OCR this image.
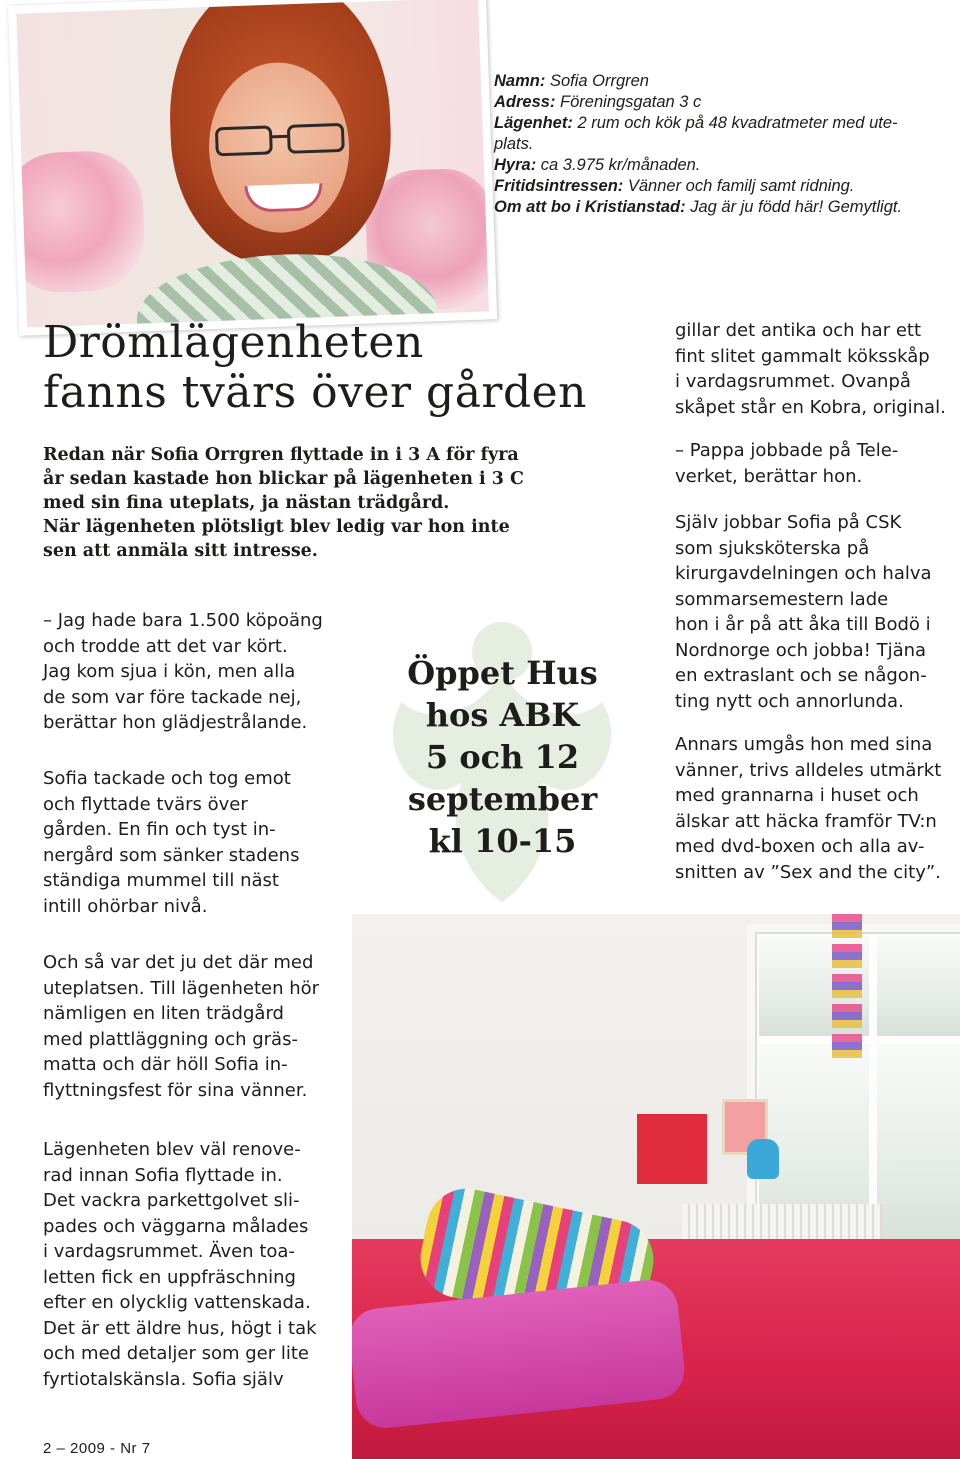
Namn: Sofia Orrgren
Adress: Föreningsgatan 3 c
Lägenhet: 2 rum och kök på 48 kvadratmeter med ute-
plats.
Hyra: ca 3.975 kr/månaden.
Fritidsintressen: Vänner och familj samt ridning.
Om att bo i Kristianstad: Jag är ju född här! Gemytligt.
Drömlägenheten
fanns tvärs över gården
Redan när Sofia Orrgren flyttade in i 3 A för fyra
år sedan kastade hon blickar på lägenheten i 3 C
med sin fina uteplats, ja nästan trädgård.
När lägenheten plötsligt blev ledig var hon inte
sen att anmäla sitt intresse.
– Jag hade bara 1.500 köpoäng
och trodde att det var kört.
Jag kom sjua i kön, men alla
de som var före tackade nej,
berättar hon glädjestrålande.
Sofia tackade och tog emot
och flyttade tvärs över
gården. En fin och tyst in-
nergård som sänker stadens
ständiga mummel till näst
intill ohörbar nivå.
Och så var det ju det där med
uteplatsen. Till lägenheten hör
nämligen en liten trädgård
med plattläggning och gräs-
matta och där höll Sofia in-
flyttningsfest för sina vänner.
Lägenheten blev väl renove-
rad innan Sofia flyttade in.
Det vackra parkettgolvet sli-
pades och väggarna målades
i vardagsrummet. Även toa-
letten fick en uppfräschning
efter en olycklig vattenskada.
Det är ett äldre hus, högt i tak
och med detaljer som ger lite
fyrtiotalskänsla. Sofia själv
gillar det antika och har ett
fint slitet gammalt köksskåp
i vardagsrummet. Ovanpå
skåpet står en Kobra, original.
– Pappa jobbade på Tele-
verket, berättar hon.
Själv jobbar Sofia på CSK
som sjuksköterska på
kirurgavdelningen och halva
sommarsemestern lade
hon i år på att åka till Bodö i
Nordnorge och jobba! Tjäna
en extraslant och se någon-
ting nytt och annorlunda.
Annars umgås hon med sina
vänner, trivs alldeles utmärkt
med grannarna i huset och
älskar att häcka framför TV:n
med dvd-boxen och alla av-
snitten av ”Sex and the city”.
Öppet Hus
hos ABK
5 och 12
september
kl 10-15
2 – 2009 - Nr 7
